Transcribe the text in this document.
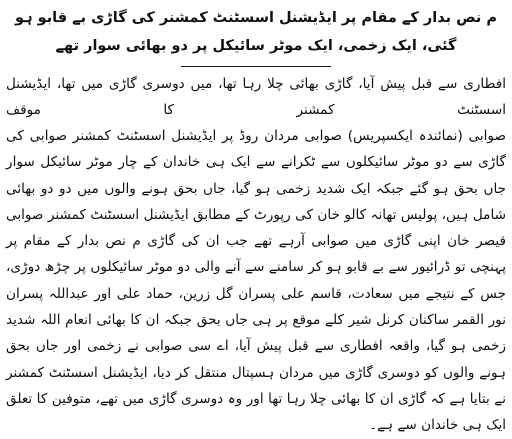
م نص بدار کے مقام پر ایڈیشنل اسسٹنٹ کمشنر کی گاڑی بے قابو ہو گئی، ایک زخمی، ایک موٹر سائیکل پر دو بھائی سوار تھے

افطاری سے قبل پیش آیا، گاڑی بھائی چلا رہا تھا، میں دوسری گاڑی میں تھا، ایڈیشنل اسسٹنٹ کمشنر کا موقف

صوابی (نمائندہ ایکسپریس) صوابی مردان روڈ پر ایڈیشنل اسسٹنٹ کمشنر صوابی کی گاڑی سے دو موٹر سائیکلوں سے ٹکرانے سے ایک ہی خاندان کے چار موٹر سائیکل سوار جاں بحق ہو گئے جبکہ ایک شدید زخمی ہو گیا، جاں بحق ہونے والوں میں دو دو بھائی شامل ہیں، پولیس تھانہ کالو خان کی رپورٹ کے مطابق ایڈیشنل اسسٹنٹ کمشنر صوابی قیصر خان اپنی گاڑی میں صوابی آرہے تھے جب ان کی گاڑی م نص بدار کے مقام پر پہنچی تو ڈرائیور سے بے قابو ہو کر سامنے سے آنے والی دو موٹر سائیکلوں پر چڑھ دوڑی، جس کے نتیجے میں سعادت، قاسم علی پسران گل زرین، حماد علی اور عبداللہ پسران نور القمر ساکنان کرنل شیر کلے موقع پر ہی جاں بحق جبکہ ان کا بھائی انعام اللہ شدید زخمی ہو گیا، واقعہ افطاری سے قبل پیش آیا، اے سی صوابی نے زخمی اور جاں بحق ہونے والوں کو دوسری گاڑی میں مردان ہسپتال منتقل کر دیا، ایڈیشنل اسسٹنٹ کمشنر نے بتایا ہے کہ گاڑی ان کا بھائی چلا رہا تھا اور وہ دوسری گاڑی میں تھے، متوفین کا تعلق ایک ہی خاندان سے ہے۔
